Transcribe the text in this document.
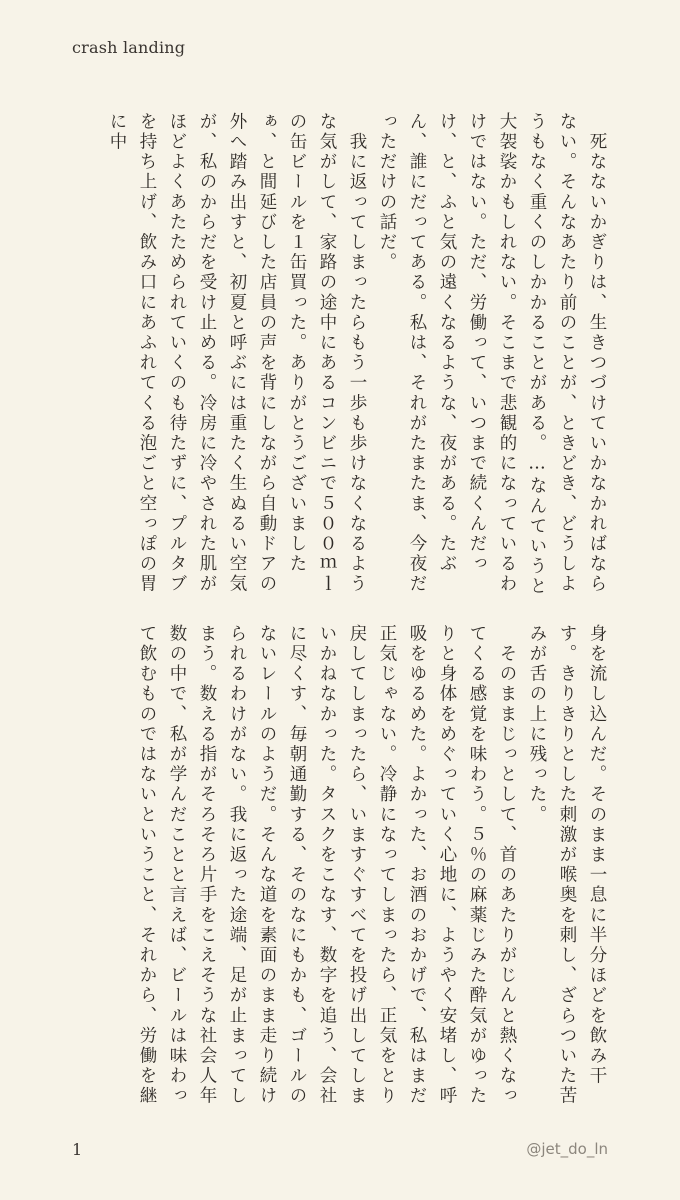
crash landing

　死なないかぎりは、生きつづけていかなかればならない。そんなあたり前のことが、ときどき、どうしようもなく重くのしかかることがある。…なんていうと大袈裟かもしれない。そこまで悲観的になっているわけではない。ただ、労働って、いつまで続くんだっけ、と、ふと気の遠くなるような、夜がある。たぶん、誰にだってある。私は、それがたまたま、今夜だっただけの話だ。

　我に返ってしまったらもう一歩も歩けなくなるような気がして、家路の途中にあるコンビニで５００ｍｌの缶ビールを１缶買った。ありがとうございましたぁ、と間延びした店員の声を背にしながら自動ドアの外へ踏み出すと、初夏と呼ぶには重たく生ぬるい空気が、私のからだを受け止める。冷房に冷やされた肌がほどよくあたためられていくのも待たずに、プルタブを持ち上げ、飲み口にあふれてくる泡ごと空っぽの胃に中

身を流し込んだ。そのまま一息に半分ほどを飲み干す。きりきりとした刺激が喉奥を刺し、ざらついた苦みが舌の上に残った。

　そのままじっとして、首のあたりがじんと熱くなってくる感覚を味わう。５％の麻薬じみた酔気がゆったりと身体をめぐっていく心地に、ようやく安堵し、呼吸をゆるめた。よかった、お酒のおかげで、私はまだ正気じゃない。冷静になってしまったら、正気をとり戻してしまったら、いますぐすべてを投げ出してしまいかねなかった。タスクをこなす、数字を追う、会社に尽くす、毎朝通勤する、そのなにもかも、ゴールのないレールのようだ。そんな道を素面のまま走り続けられるわけがない。我に返った途端、足が止まってしまう。数える指がそろそろ片手をこえそうな社会人年数の中で、私が学んだことと言えば、ビールは味わって飲むものではないということ、それから、労働を継

1	@jet_do_ln
